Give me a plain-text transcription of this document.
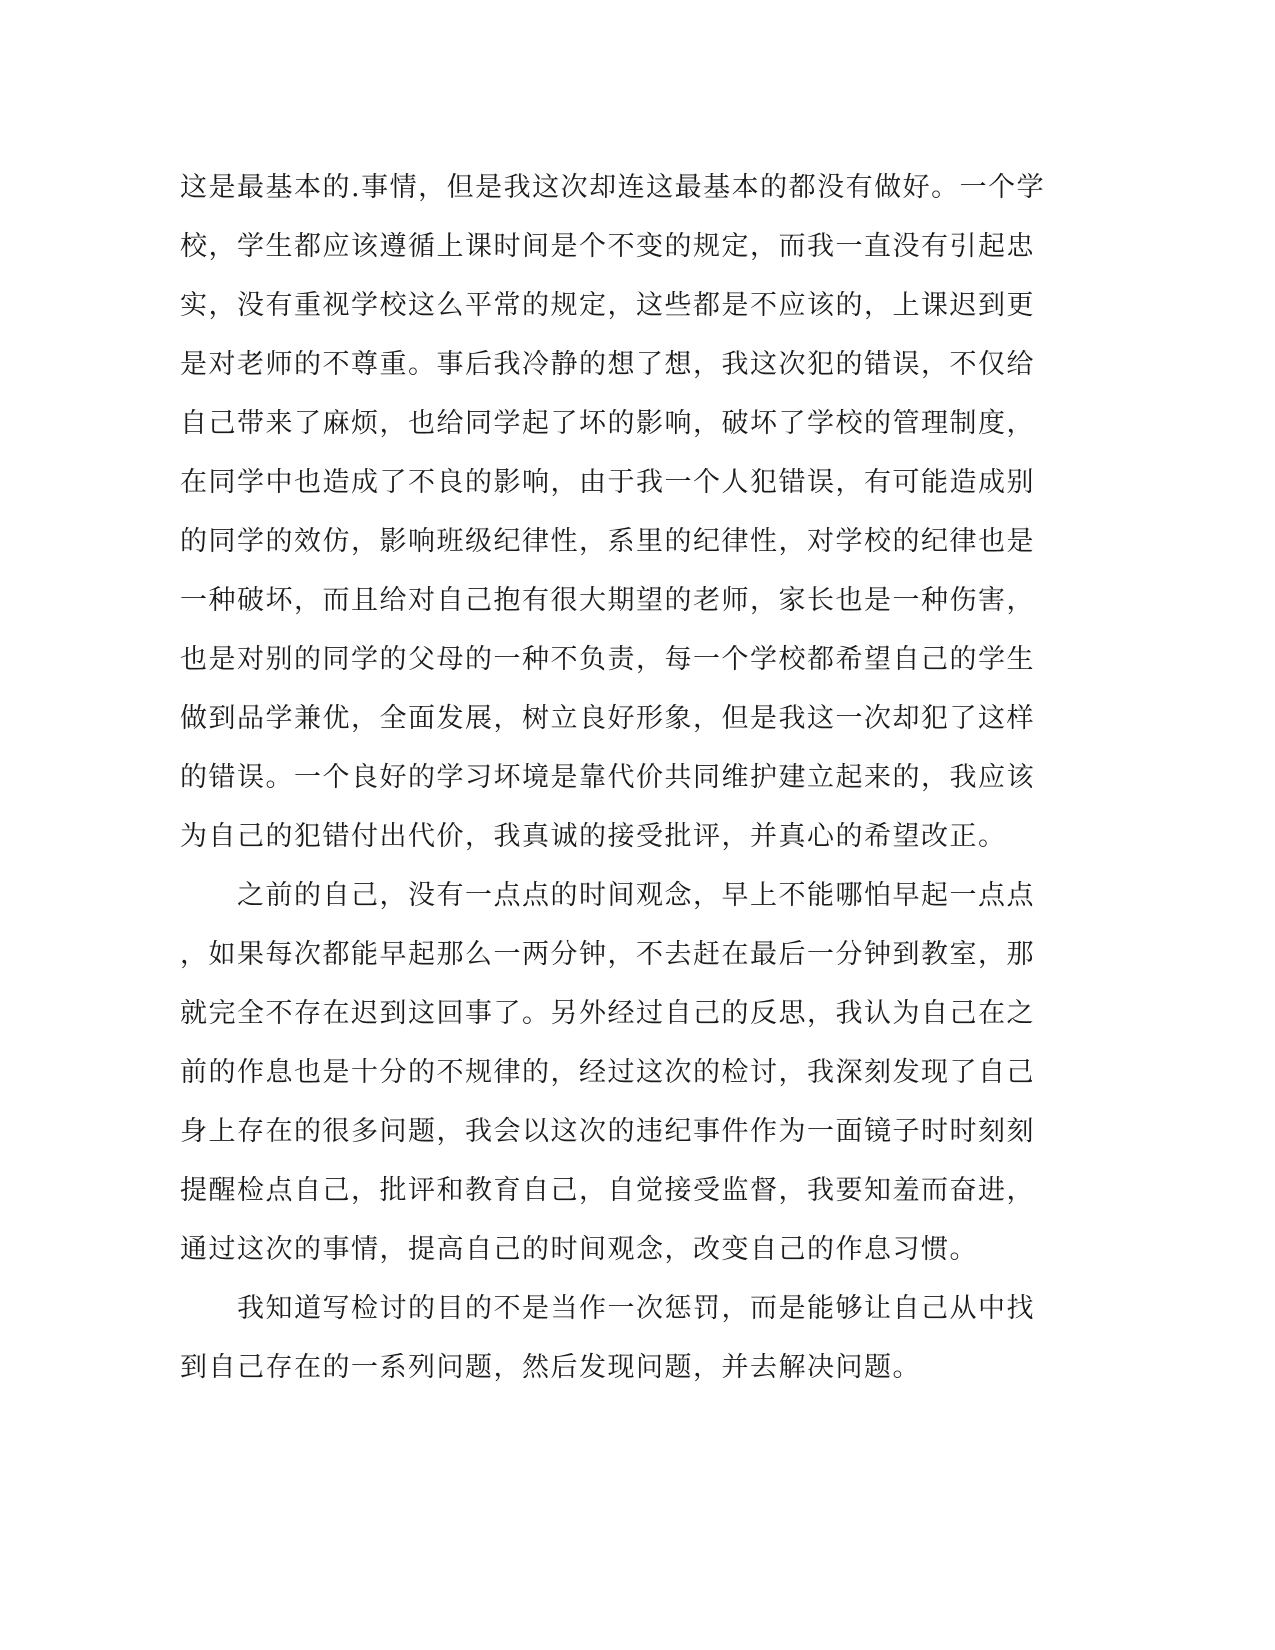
这是最基本的.事情，但是我这次却连这最基本的都没有做好。一个学
校，学生都应该遵循上课时间是个不变的规定，而我一直没有引起忠
实，没有重视学校这么平常的规定，这些都是不应该的，上课迟到更
是对老师的不尊重。事后我冷静的想了想，我这次犯的错误，不仅给
自己带来了麻烦，也给同学起了坏的影响，破坏了学校的管理制度，
在同学中也造成了不良的影响，由于我一个人犯错误，有可能造成别
的同学的效仿，影响班级纪律性，系里的纪律性，对学校的纪律也是
一种破坏，而且给对自己抱有很大期望的老师，家长也是一种伤害，
也是对别的同学的父母的一种不负责，每一个学校都希望自己的学生
做到品学兼优，全面发展，树立良好形象，但是我这一次却犯了这样
的错误。一个良好的学习坏境是靠代价共同维护建立起来的，我应该
为自己的犯错付出代价，我真诚的接受批评，并真心的希望改正。
　　之前的自己，没有一点点的时间观念，早上不能哪怕早起一点点
，如果每次都能早起那么一两分钟，不去赶在最后一分钟到教室，那
就完全不存在迟到这回事了。另外经过自己的反思，我认为自己在之
前的作息也是十分的不规律的，经过这次的检讨，我深刻发现了自己
身上存在的很多问题，我会以这次的违纪事件作为一面镜子时时刻刻
提醒检点自己，批评和教育自己，自觉接受监督，我要知羞而奋进，
通过这次的事情，提高自己的时间观念，改变自己的作息习惯。
　　我知道写检讨的目的不是当作一次惩罚，而是能够让自己从中找
到自己存在的一系列问题，然后发现问题，并去解决问题。
